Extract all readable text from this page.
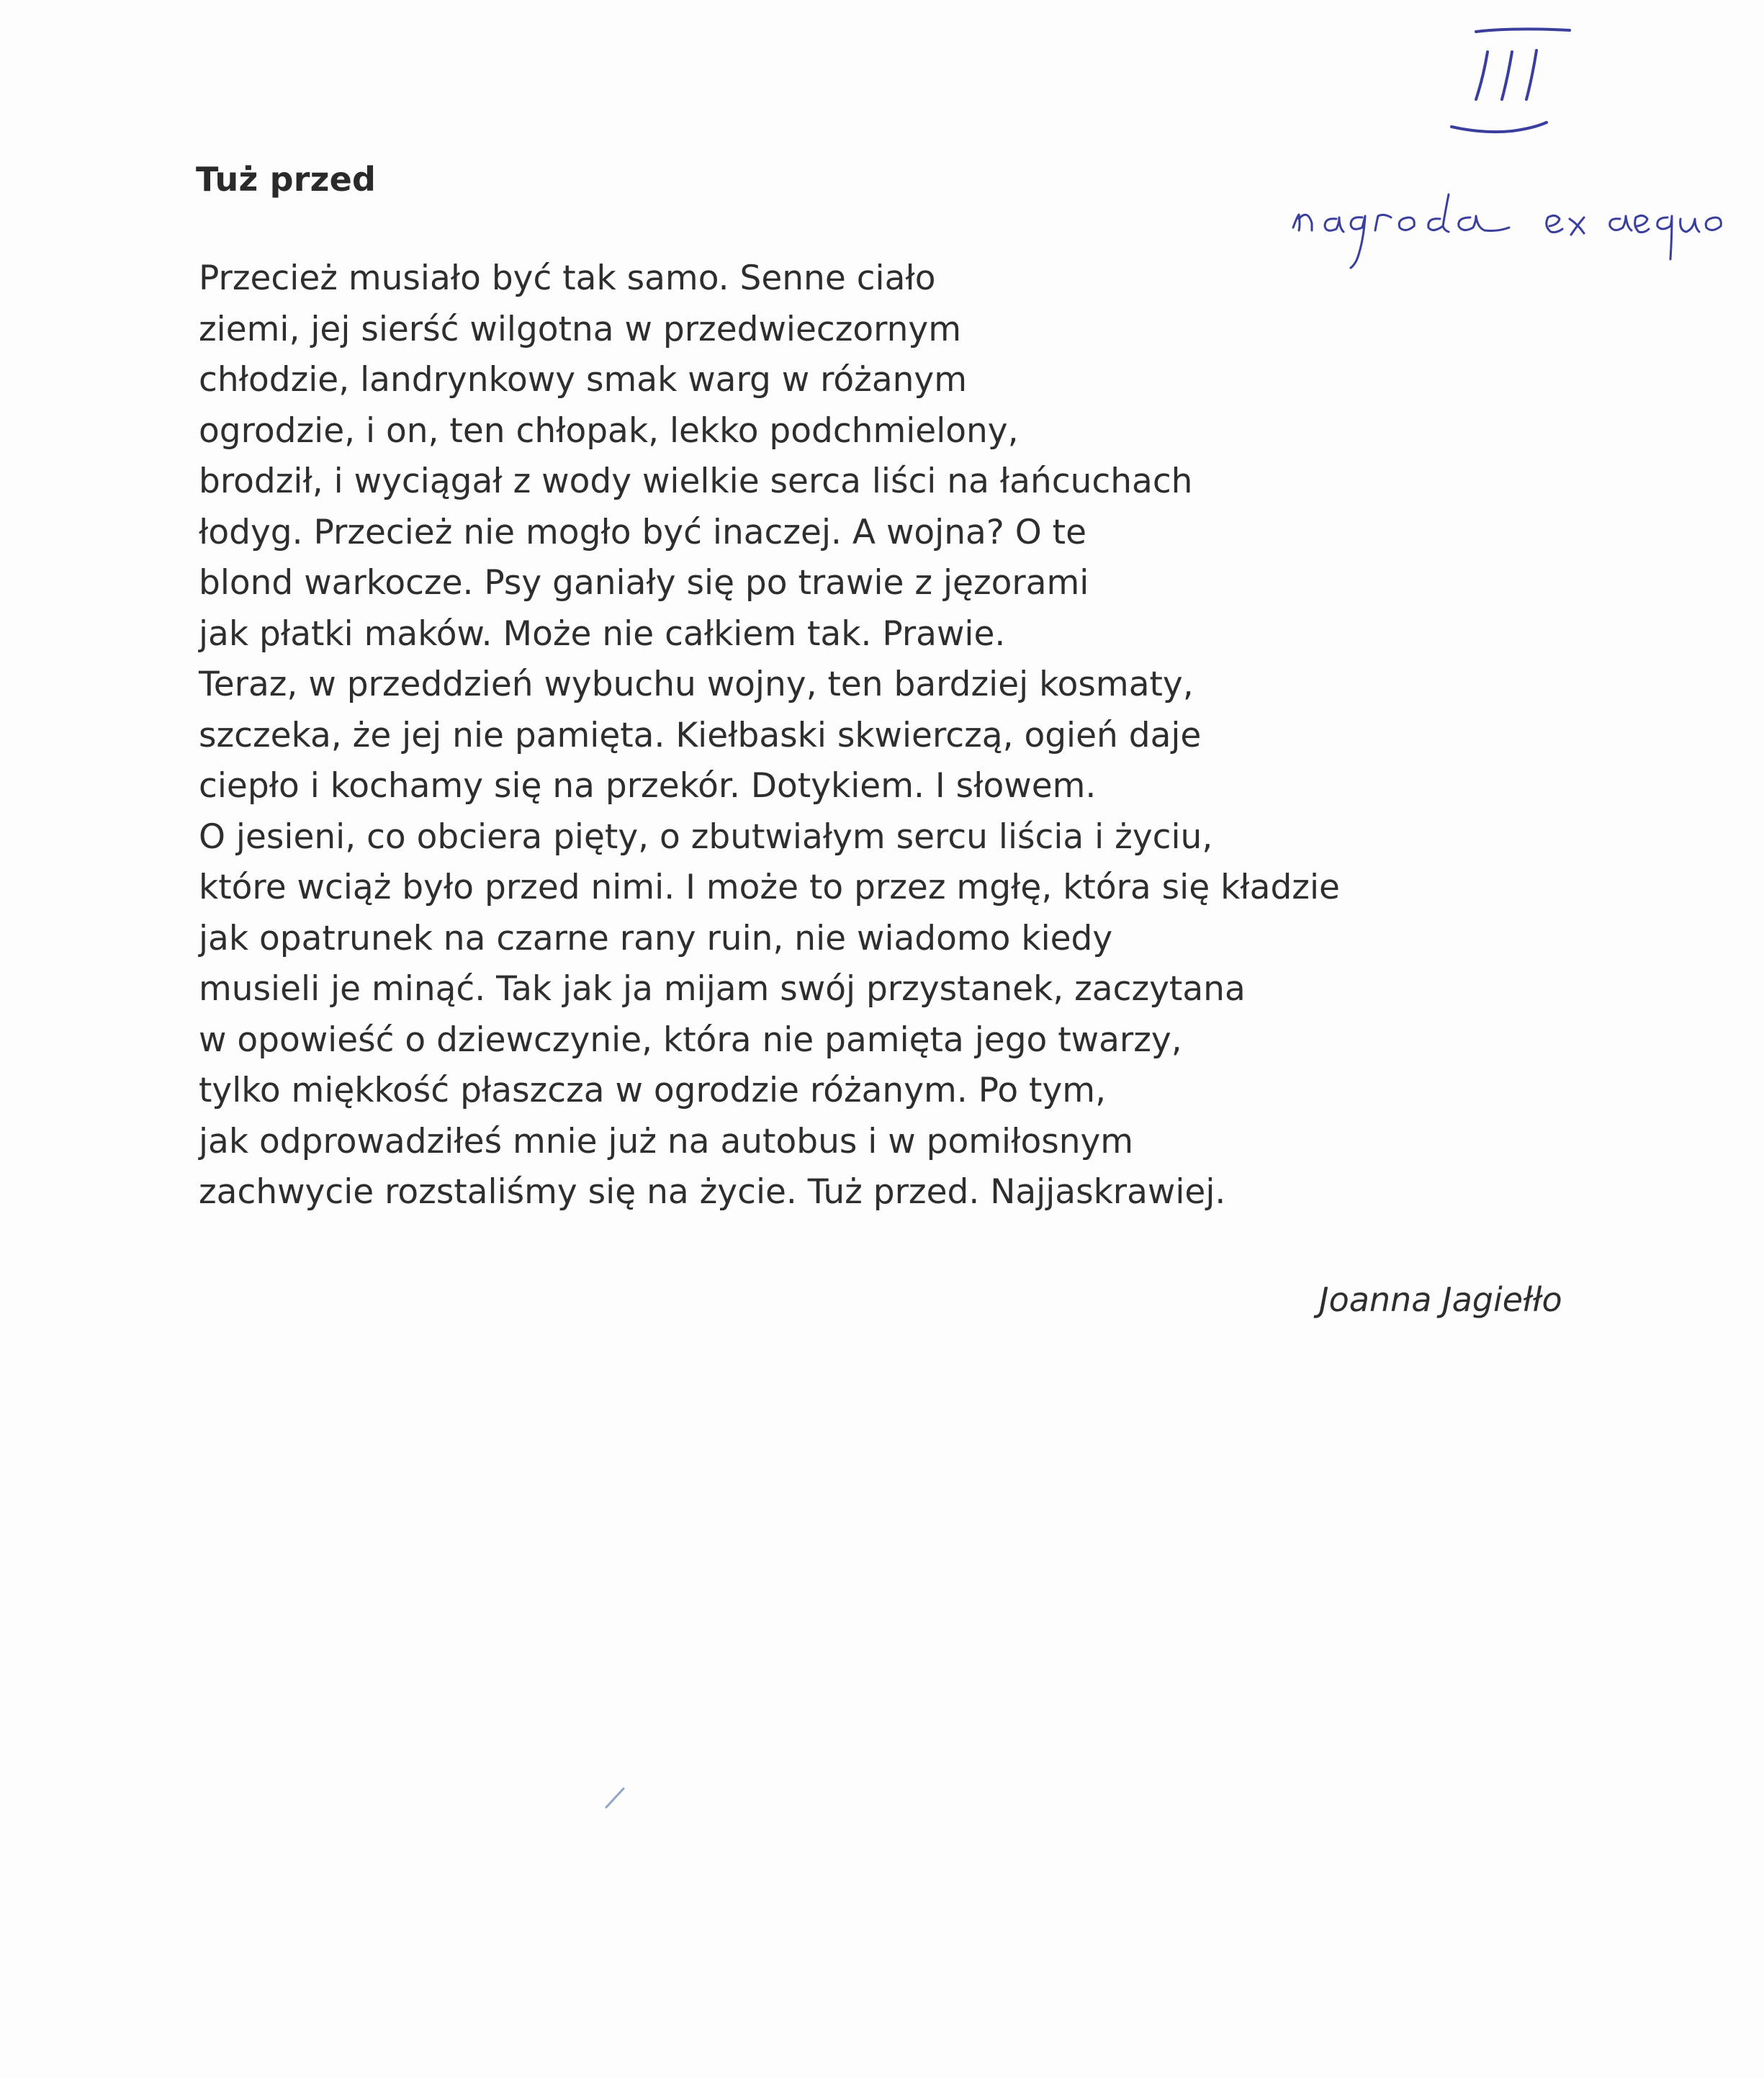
Tuż przed
Przecież musiało być tak samo. Senne ciało
ziemi, jej sierść wilgotna w przedwieczornym
chłodzie, landrynkowy smak warg w różanym
ogrodzie, i on, ten chłopak, lekko podchmielony,
brodził, i wyciągał z wody wielkie serca liści na łańcuchach
łodyg. Przecież nie mogło być inaczej. A wojna? O te
blond warkocze. Psy ganiały się po trawie z jęzorami
jak płatki maków. Może nie całkiem tak. Prawie.
Teraz, w przeddzień wybuchu wojny, ten bardziej kosmaty,
szczeka, że jej nie pamięta. Kiełbaski skwierczą, ogień daje
ciepło i kochamy się na przekór. Dotykiem. I słowem.
O jesieni, co obciera pięty, o zbutwiałym sercu liścia i życiu,
które wciąż było przed nimi. I może to przez mgłę, która się kładzie
jak opatrunek na czarne rany ruin, nie wiadomo kiedy
musieli je minąć. Tak jak ja mijam swój przystanek, zaczytana
w opowieść o dziewczynie, która nie pamięta jego twarzy,
tylko miękkość płaszcza w ogrodzie różanym. Po tym,
jak odprowadziłeś mnie już na autobus i w pomiłosnym
zachwycie rozstaliśmy się na życie. Tuż przed. Najjaskrawiej.
Joanna Jagiełło
